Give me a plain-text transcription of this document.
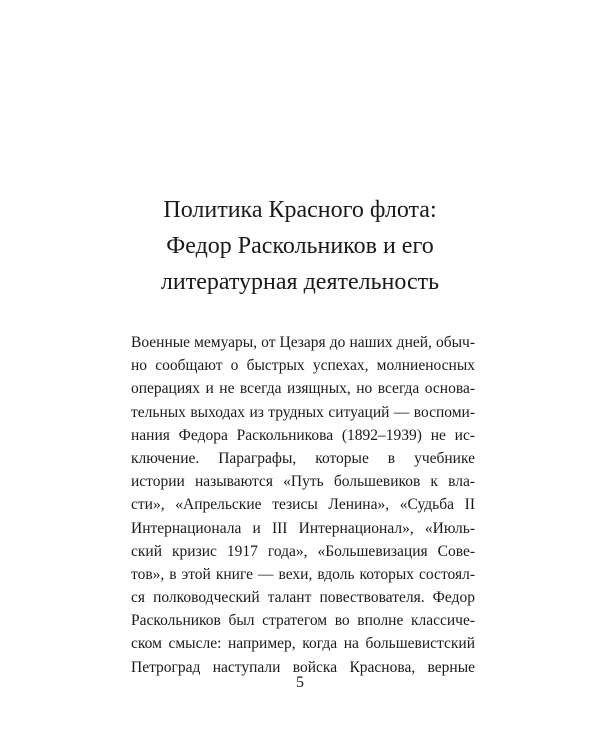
Политика Красного флота:
Федор Раскольников и его
литературная деятельность
Военные мемуары, от Цезаря до наших дней, обыч-
но сообщают о быстрых успехах, молниеносных
операциях и не всегда изящных, но всегда основа-
тельных выходах из трудных ситуаций — воспоми-
нания Федора Раскольникова (1892–1939) не ис-
ключение. Параграфы, которые в учебнике
истории называются «Путь большевиков к вла-
сти», «Апрельские тезисы Ленина», «Судьба II
Интернационала и III Интернационал», «Июль-
ский кризис 1917 года», «Большевизация Сове-
тов», в этой книге — вехи, вдоль которых состоял-
ся полководческий талант повествователя. Федор
Раскольников был стратегом во вполне классиче-
ском смысле: например, когда на большевистский
Петроград наступали войска Краснова, верные
5
